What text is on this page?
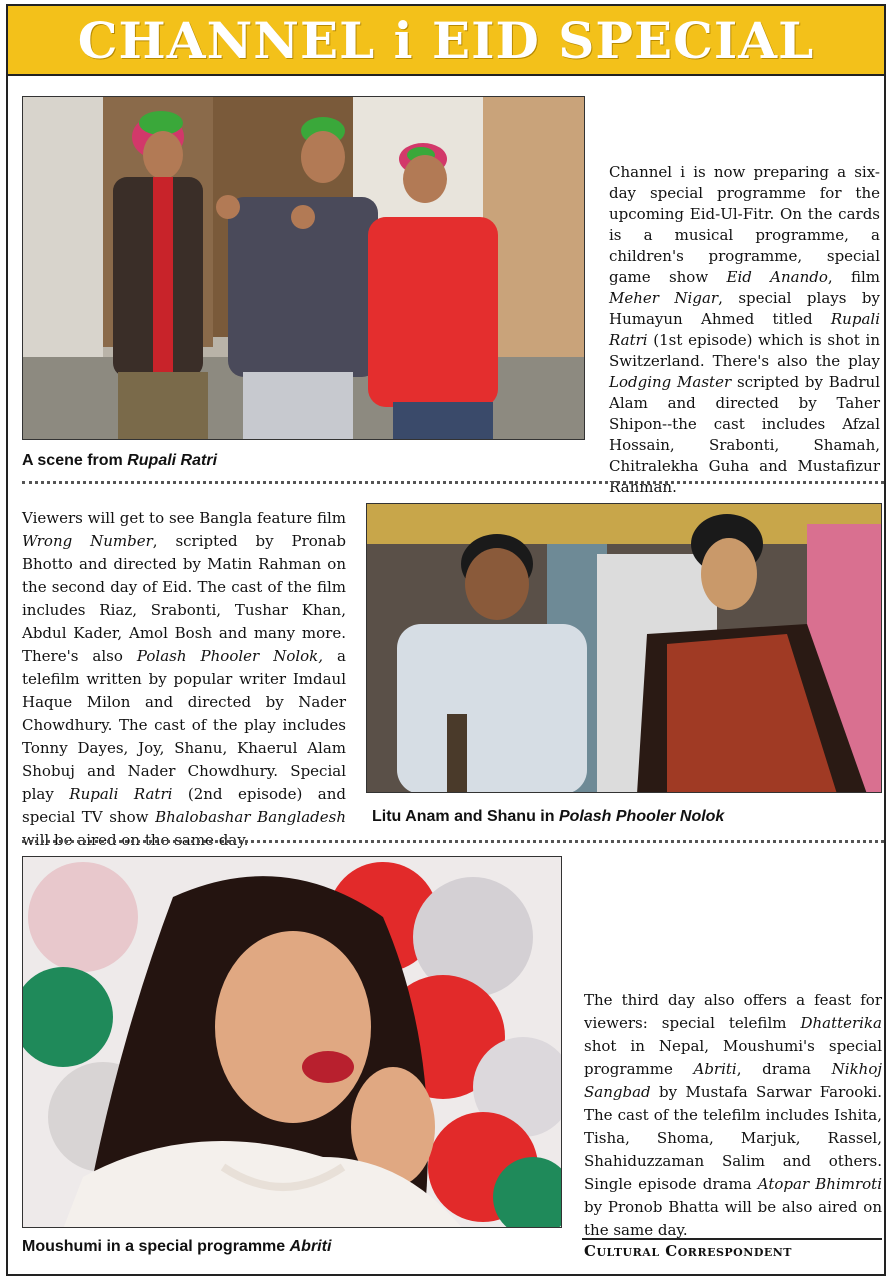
CHANNEL i EID SPECIAL
A scene from Rupali Ratri

Channel i is now preparing a six-day special programme for the upcoming Eid-Ul-Fitr. On the cards is a musical programme, a children's programme, special game show Eid Anando, film Meher Nigar, special plays by Humayun Ahmed titled Rupali Ratri (1st episode) which is shot in Switzerland. There's also the play Lodging Master scripted by Badrul Alam and directed by Taher Shipon--the cast includes Afzal Hossain, Srabonti, Shamah, Chitralekha Guha and Mustafizur Rahman.

Viewers will get to see Bangla feature film Wrong Number, scripted by Pronab Bhotto and directed by Matin Rahman on the second day of Eid. The cast of the film includes Riaz, Srabonti, Tushar Khan, Abdul Kader, Amol Bosh and many more. There's also Polash Phooler Nolok, a telefilm written by popular writer Imdaul Haque Milon and directed by Nader Chowdhury. The cast of the play includes Tonny Dayes, Joy, Shanu, Khaerul Alam Shobuj and Nader Chowdhury. Special play Rupali Ratri (2nd episode) and special TV show Bhalobashar Bangladesh will be aired on the same day.

Litu Anam and Shanu in Polash Phooler Nolok
Moushumi in a special programme Abriti

The third day also offers a feast for viewers: special telefilm Dhatterika shot in Nepal, Moushumi's special programme Abriti, drama Nikhoj Sangbad by Mustafa Sarwar Farooki. The cast of the telefilm includes Ishita, Tisha, Shoma, Marjuk, Rassel, Shahiduzzaman Salim and others. Single episode drama Atopar Bhimroti by Pronob Bhatta will be also aired on the same day.

Cultural Correspondent
